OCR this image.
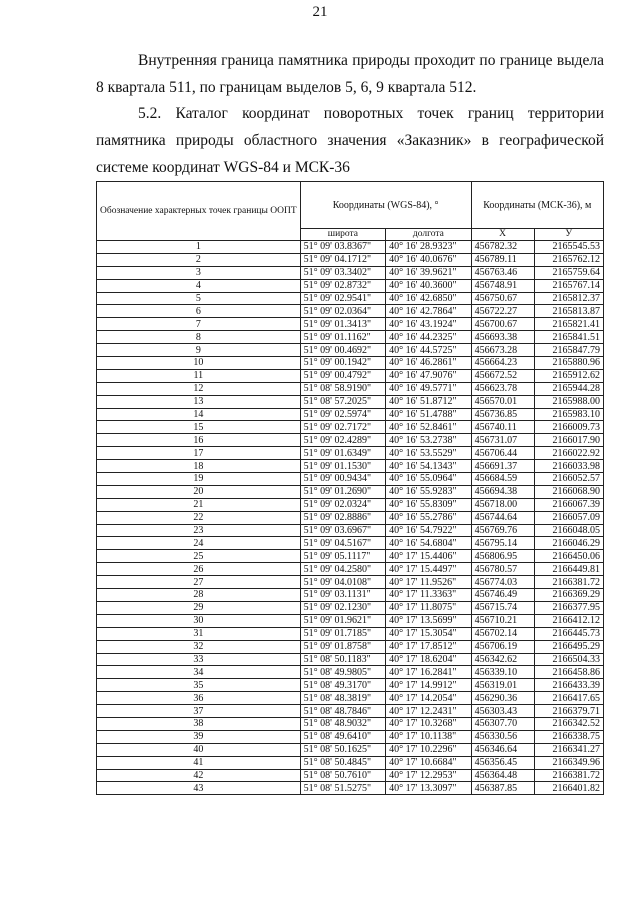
21
Внутренняя граница памятника природы проходит по границе выдела 8 квартала 511, по границам выделов 5, 6, 9 квартала 512.
5.2. Каталог координат поворотных точек границ территории памятника природы областного значения «Заказник» в географической системе координат WGS-84 и МСК-36
Обозначение характерных точек границы ООПТ	Координаты (WGS-84), °		Координаты (МСК-36), м	
	широта	долгота	X	У
1	51° 09' 03.8367"	40° 16' 28.9323"	456782.32	2165545.53
2	51° 09' 04.1712"	40° 16' 40.0676"	456789.11	2165762.12
3	51° 09' 03.3402"	40° 16' 39.9621"	456763.46	2165759.64
4	51° 09' 02.8732"	40° 16' 40.3600"	456748.91	2165767.14
5	51° 09' 02.9541"	40° 16' 42.6850"	456750.67	2165812.37
6	51° 09' 02.0364"	40° 16' 42.7864"	456722.27	2165813.87
7	51° 09' 01.3413"	40° 16' 43.1924"	456700.67	2165821.41
8	51° 09' 01.1162"	40° 16' 44.2325"	456693.38	2165841.51
9	51° 09' 00.4692"	40° 16' 44.5725"	456673.28	2165847.79
10	51° 09' 00.1942"	40° 16' 46.2861"	456664.23	2165880.96
11	51° 09' 00.4792"	40° 16' 47.9076"	456672.52	2165912.62
12	51° 08' 58.9190"	40° 16' 49.5771"	456623.78	2165944.28
13	51° 08' 57.2025"	40° 16' 51.8712"	456570.01	2165988.00
14	51° 09' 02.5974"	40° 16' 51.4788"	456736.85	2165983.10
15	51° 09' 02.7172"	40° 16' 52.8461"	456740.11	2166009.73
16	51° 09' 02.4289"	40° 16' 53.2738"	456731.07	2166017.90
17	51° 09' 01.6349"	40° 16' 53.5529"	456706.44	2166022.92
18	51° 09' 01.1530"	40° 16' 54.1343"	456691.37	2166033.98
19	51° 09' 00.9434"	40° 16' 55.0964"	456684.59	2166052.57
20	51° 09' 01.2690"	40° 16' 55.9283"	456694.38	2166068.90
21	51° 09' 02.0324"	40° 16' 55.8309"	456718.00	2166067.39
22	51° 09' 02.8886"	40° 16' 55.2786"	456744.64	2166057.09
23	51° 09' 03.6967"	40° 16' 54.7922"	456769.76	2166048.05
24	51° 09' 04.5167"	40° 16' 54.6804"	456795.14	2166046.29
25	51° 09' 05.1117"	40° 17' 15.4406"	456806.95	2166450.06
26	51° 09' 04.2580"	40° 17' 15.4497"	456780.57	2166449.81
27	51° 09' 04.0108"	40° 17' 11.9526"	456774.03	2166381.72
28	51° 09' 03.1131"	40° 17' 11.3363"	456746.49	2166369.29
29	51° 09' 02.1230"	40° 17' 11.8075"	456715.74	2166377.95
30	51° 09' 01.9621"	40° 17' 13.5699"	456710.21	2166412.12
31	51° 09' 01.7185"	40° 17' 15.3054"	456702.14	2166445.73
32	51° 09' 01.8758"	40° 17' 17.8512"	456706.19	2166495.29
33	51° 08' 50.1183"	40° 17' 18.6204"	456342.62	2166504.33
34	51° 08' 49.9805"	40° 17' 16.2841"	456339.10	2166458.86
35	51° 08' 49.3170"	40° 17' 14.9912"	456319.01	2166433.39
36	51° 08' 48.3819"	40° 17' 14.2054"	456290.36	2166417.65
37	51° 08' 48.7846"	40° 17' 12.2431"	456303.43	2166379.71
38	51° 08' 48.9032"	40° 17' 10.3268"	456307.70	2166342.52
39	51° 08' 49.6410"	40° 17' 10.1138"	456330.56	2166338.75
40	51° 08' 50.1625"	40° 17' 10.2296"	456346.64	2166341.27
41	51° 08' 50.4845"	40° 17' 10.6684"	456356.45	2166349.96
42	51° 08' 50.7610"	40° 17' 12.2953"	456364.48	2166381.72
43	51° 08' 51.5275"	40° 17' 13.3097"	456387.85	2166401.82
